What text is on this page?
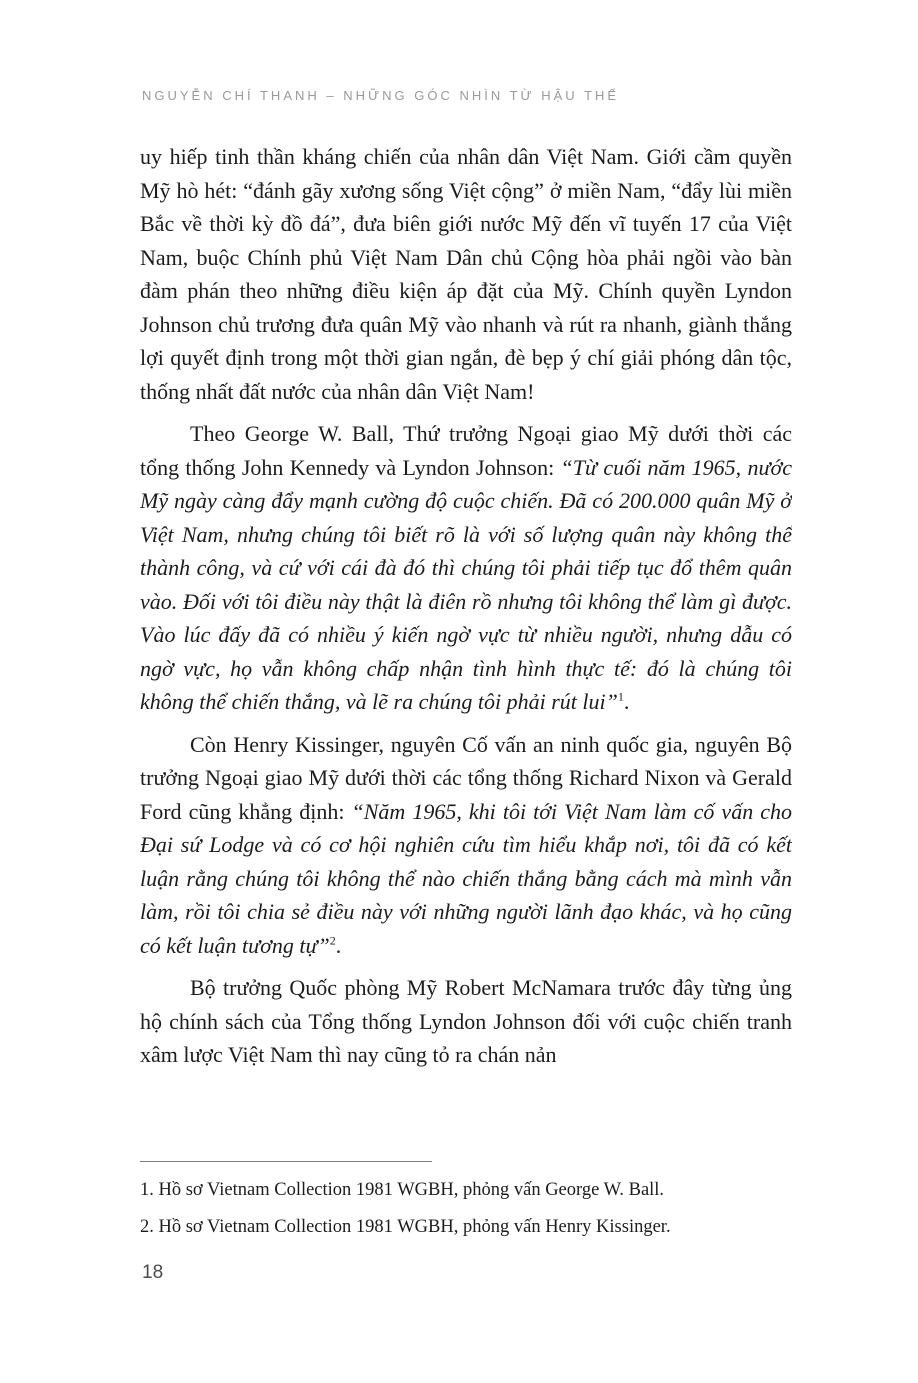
NGUYỄN CHÍ THANH – NHỮNG GÓC NHÌN TỪ HẬU THẾ

uy hiếp tinh thần kháng chiến của nhân dân Việt Nam. Giới cầm quyền Mỹ hò hét: “đánh gãy xương sống Việt cộng” ở miền Nam, “đẩy lùi miền Bắc về thời kỳ đồ đá”, đưa biên giới nước Mỹ đến vĩ tuyến 17 của Việt Nam, buộc Chính phủ Việt Nam Dân chủ Cộng hòa phải ngồi vào bàn đàm phán theo những điều kiện áp đặt của Mỹ. Chính quyền Lyndon Johnson chủ trương đưa quân Mỹ vào nhanh và rút ra nhanh, giành thắng lợi quyết định trong một thời gian ngắn, đè bẹp ý chí giải phóng dân tộc, thống nhất đất nước của nhân dân Việt Nam!

Theo George W. Ball, Thứ trưởng Ngoại giao Mỹ dưới thời các tổng thống John Kennedy và Lyndon Johnson: “Từ cuối năm 1965, nước Mỹ ngày càng đẩy mạnh cường độ cuộc chiến. Đã có 200.000 quân Mỹ ở Việt Nam, nhưng chúng tôi biết rõ là với số lượng quân này không thể thành công, và cứ với cái đà đó thì chúng tôi phải tiếp tục đổ thêm quân vào. Đối với tôi điều này thật là điên rồ nhưng tôi không thể làm gì được. Vào lúc đấy đã có nhiều ý kiến ngờ vực từ nhiều người, nhưng dẫu có ngờ vực, họ vẫn không chấp nhận tình hình thực tế: đó là chúng tôi không thể chiến thắng, và lẽ ra chúng tôi phải rút lui”$^1$.

Còn Henry Kissinger, nguyên Cố vấn an ninh quốc gia, nguyên Bộ trưởng Ngoại giao Mỹ dưới thời các tổng thống Richard Nixon và Gerald Ford cũng khẳng định: “Năm 1965, khi tôi tới Việt Nam làm cố vấn cho Đại sứ Lodge và có cơ hội nghiên cứu tìm hiểu khắp nơi, tôi đã có kết luận rằng chúng tôi không thể nào chiến thắng bằng cách mà mình vẫn làm, rồi tôi chia sẻ điều này với những người lãnh đạo khác, và họ cũng có kết luận tương tự”$^2$.

Bộ trưởng Quốc phòng Mỹ Robert McNamara trước đây từng ủng hộ chính sách của Tổng thống Lyndon Johnson đối với cuộc chiến tranh xâm lược Việt Nam thì nay cũng tỏ ra chán nản

1. Hồ sơ Vietnam Collection 1981 WGBH, phỏng vấn George W. Ball.

2. Hồ sơ Vietnam Collection 1981 WGBH, phỏng vấn Henry Kissinger.

18
